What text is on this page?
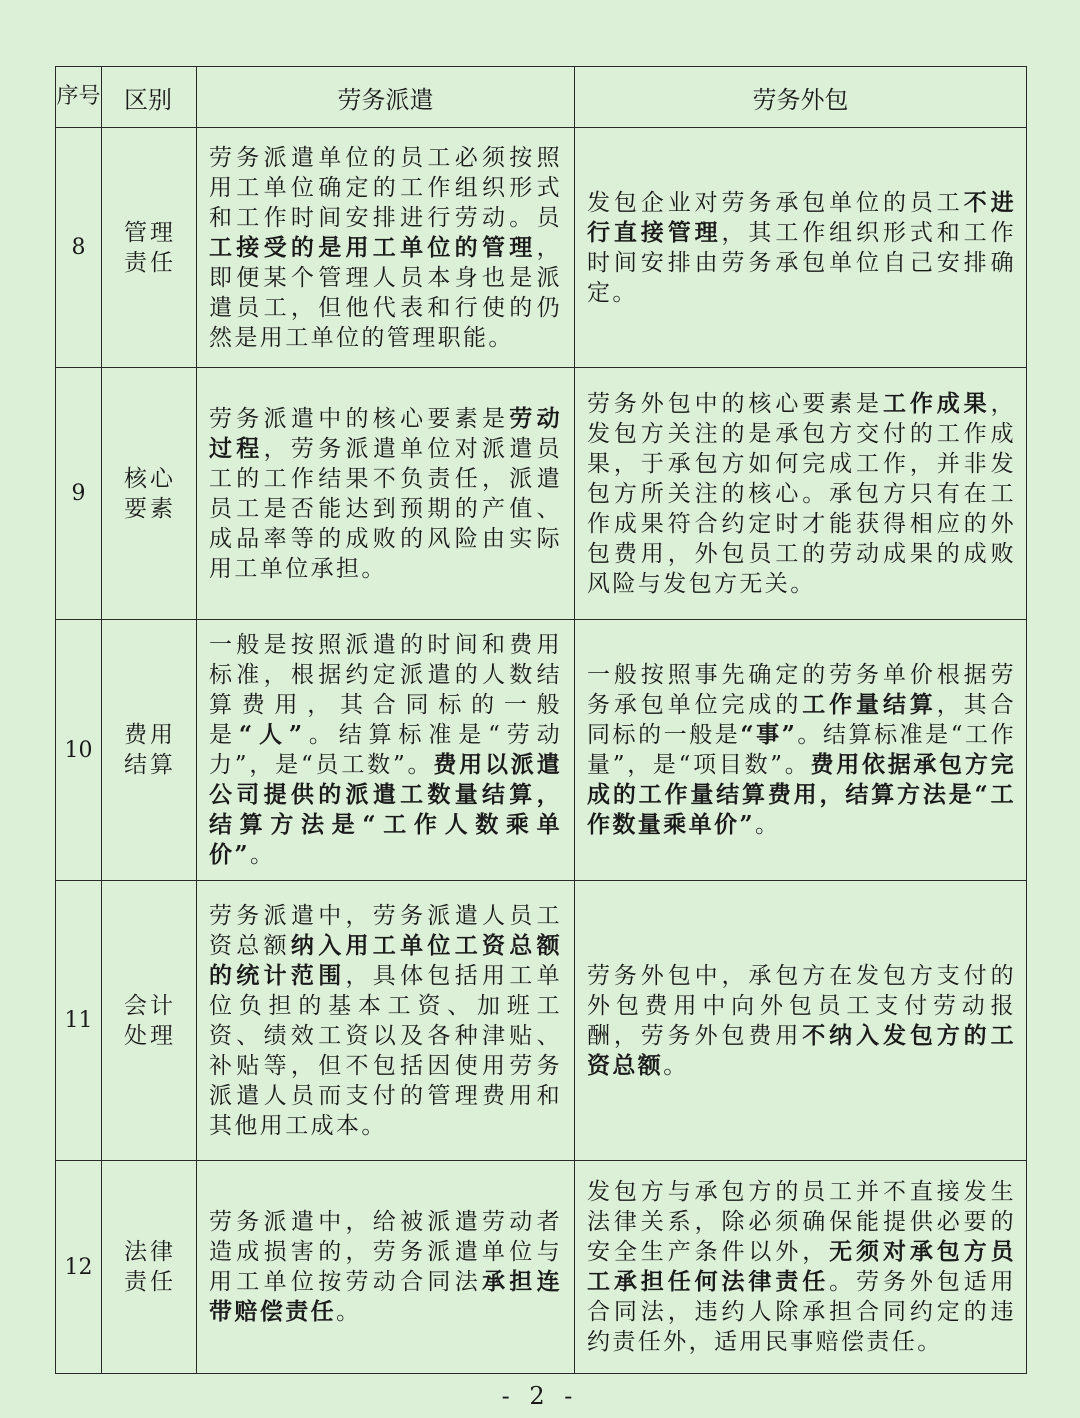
序号	区别	劳务派遣	劳务外包
8	管理责任	劳务派遣单位的员工必须按照用工单位确定的工作组织形式和工作时间安排进行劳动。员工接受的是用工单位的管理，即便某个管理人员本身也是派遣员工，但他代表和行使的仍然是用工单位的管理职能。	发包企业对劳务承包单位的员工不进行直接管理，其工作组织形式和工作时间安排由劳务承包单位自己安排确定。
9	核心要素	劳务派遣中的核心要素是劳动过程，劳务派遣单位对派遣员工的工作结果不负责任，派遣员工是否能达到预期的产值、成品率等的成败的风险由实际用工单位承担。	劳务外包中的核心要素是工作成果，发包方关注的是承包方交付的工作成果，于承包方如何完成工作，并非发包方所关注的核心。承包方只有在工作成果符合约定时才能获得相应的外包费用，外包员工的劳动成果的成败风险与发包方无关。
10	费用结算	一般是按照派遣的时间和费用标准，根据约定派遣的人数结算费用，其合同标的一般是“人”。结算标准是“劳动力”，是“员工数”。费用以派遣公司提供的派遣工数量结算，结算方法是“工作人数乘单价”。	一般按照事先确定的劳务单价根据劳务承包单位完成的工作量结算，其合同标的一般是“事”。结算标准是“工作量”，是“项目数”。费用依据承包方完成的工作量结算费用，结算方法是“工作数量乘单价”。
11	会计处理	劳务派遣中，劳务派遣人员工资总额纳入用工单位工资总额的统计范围，具体包括用工单位负担的基本工资、加班工资、绩效工资以及各种津贴、补贴等，但不包括因使用劳务派遣人员而支付的管理费用和其他用工成本。	劳务外包中，承包方在发包方支付的外包费用中向外包员工支付劳动报酬，劳务外包费用不纳入发包方的工资总额。
12	法律责任	劳务派遣中，给被派遣劳动者造成损害的，劳务派遣单位与用工单位按劳动合同法承担连带赔偿责任。	发包方与承包方的员工并不直接发生法律关系，除必须确保能提供必要的安全生产条件以外，无须对承包方员工承担任何法律责任。劳务外包适用合同法，违约人除承担合同约定的违约责任外，适用民事赔偿责任。
- 2 -
